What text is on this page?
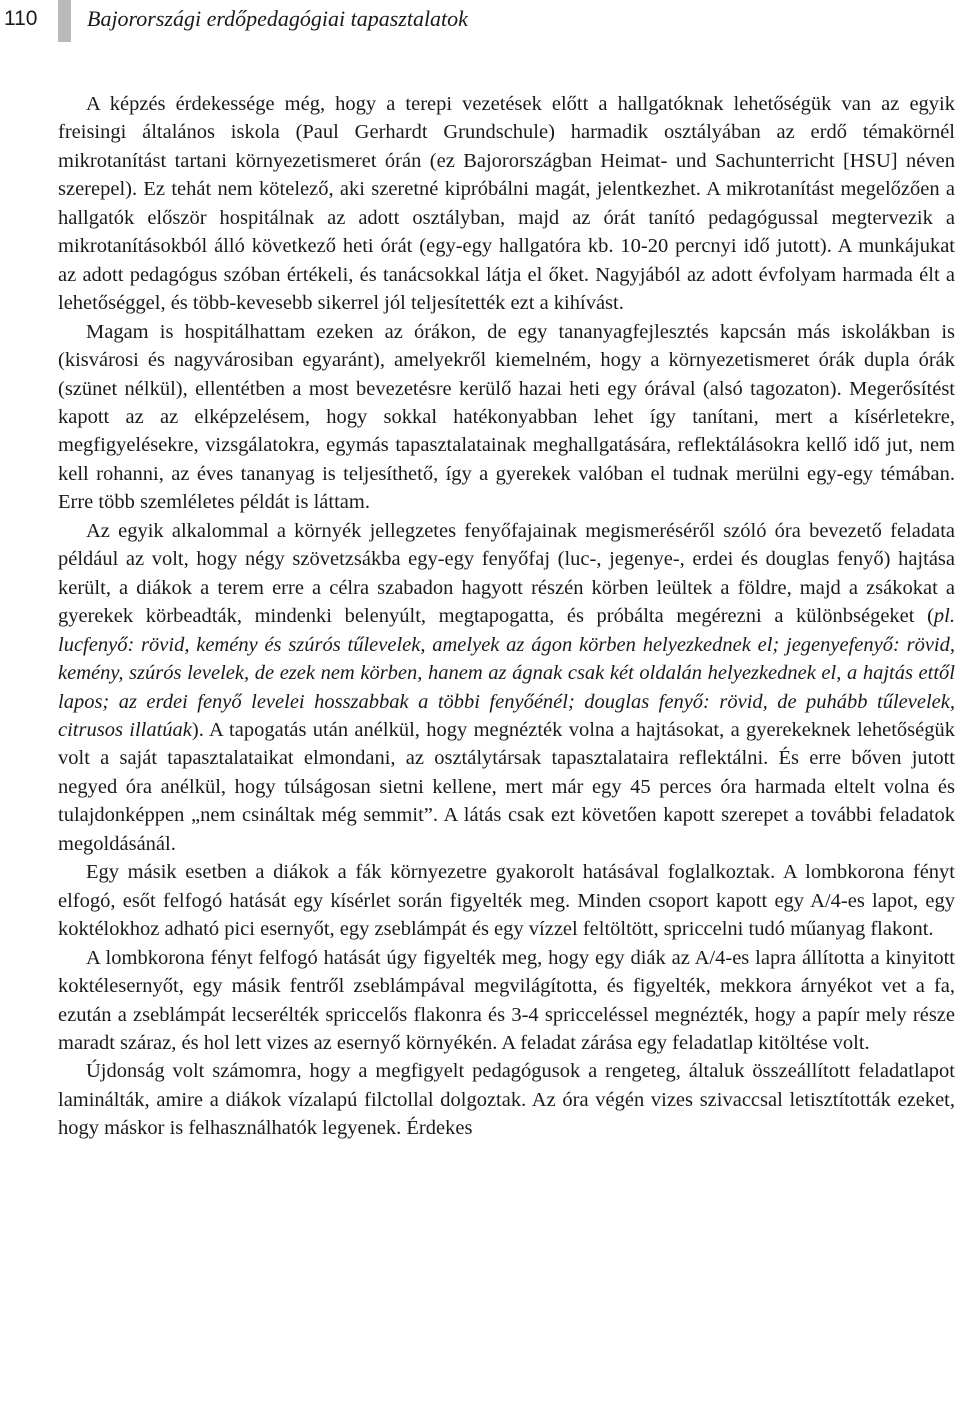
110 Bajorországi erdőpedagógiai tapasztalatok

A képzés érdekessége még, hogy a terepi vezetések előtt a hallgatóknak lehetőségük van az egyik freisingi általános iskola (Paul Gerhardt Grundschule) harmadik osztályában az erdő témakörnél mikrotanítást tartani környezetismeret órán (ez Bajorországban Heimat- und Sachunterricht [HSU] néven szerepel). Ez tehát nem kötelező, aki szeretné kipróbálni magát, jelentkezhet. A mikrotanítást megelőzően a hallgatók először hospitálnak az adott osztályban, majd az órát tanító pedagógussal megtervezik a mikrotanításokból álló következő heti órát (egy-egy hallgatóra kb. 10-20 percnyi idő jutott). A munkájukat az adott pedagógus szóban értékeli, és tanácsokkal látja el őket. Nagyjából az adott évfolyam harmada élt a lehetőséggel, és több-kevesebb sikerrel jól teljesítették ezt a kihívást.

Magam is hospitálhattam ezeken az órákon, de egy tananyagfejlesztés kapcsán más iskolákban is (kisvárosi és nagyvárosiban egyaránt), amelyekről kiemelném, hogy a környezetismeret órák dupla órák (szünet nélkül), ellentétben a most bevezetésre kerülő hazai heti egy órával (alsó tagozaton). Megerősítést kapott az az elképzelésem, hogy sokkal hatékonyabban lehet így tanítani, mert a kísérletekre, megfigyelésekre, vizsgálatokra, egymás tapasztalatainak meghallgatására, reflektálásokra kellő idő jut, nem kell rohanni, az éves tananyag is teljesíthető, így a gyerekek valóban el tudnak merülni egy-egy témában. Erre több szemléletes példát is láttam.

Az egyik alkalommal a környék jellegzetes fenyőfajainak megismeréséről szóló óra bevezető feladata például az volt, hogy négy szövetzsákba egy-egy fenyőfaj (luc-, jegenye-, erdei és douglas fenyő) hajtása került, a diákok a terem erre a célra szabadon hagyott részén körben leültek a földre, majd a zsákokat a gyerekek körbeadták, mindenki belenyúlt, megtapogatta, és próbálta megérezni a különbségeket (pl. lucfenyő: rövid, kemény és szúrós tűlevelek, amelyek az ágon körben helyezkednek el; jegenyefenyő: rövid, kemény, szúrós levelek, de ezek nem körben, hanem az ágnak csak két oldalán helyezkednek el, a hajtás ettől lapos; az erdei fenyő levelei hosszabbak a többi fenyőénél; douglas fenyő: rövid, de puhább tűlevelek, citrusos illatúak). A tapogatás után anélkül, hogy megnézték volna a hajtásokat, a gyerekeknek lehetőségük volt a saját tapasztalataikat elmondani, az osztálytársak tapasztalataira reflektálni. És erre bőven jutott negyed óra anélkül, hogy túlságosan sietni kellene, mert már egy 45 perces óra harmada eltelt volna és tulajdonképpen „nem csináltak még semmit”. A látás csak ezt követően kapott szerepet a további feladatok megoldásánál.

Egy másik esetben a diákok a fák környezetre gyakorolt hatásával foglalkoztak. A lombkorona fényt elfogó, esőt felfogó hatását egy kísérlet során figyelték meg. Minden csoport kapott egy A/4-es lapot, egy koktélokhoz adható pici esernyőt, egy zseblámpát és egy vízzel feltöltött, spriccelni tudó műanyag flakont.

A lombkorona fényt felfogó hatását úgy figyelték meg, hogy egy diák az A/4-es lapra állította a kinyitott koktélesernyőt, egy másik fentről zseblámpával megvilágította, és figyelték, mekkora árnyékot vet a fa, ezután a zseblámpát lecserélték spriccelős flakonra és 3-4 spricceléssel megnézték, hogy a papír mely része maradt száraz, és hol lett vizes az esernyő környékén. A feladat zárása egy feladatlap kitöltése volt.

Újdonság volt számomra, hogy a megfigyelt pedagógusok a rengeteg, általuk összeállított feladatlapot laminálták, amire a diákok vízalapú filctollal dolgoztak. Az óra végén vizes szivaccsal letisztították ezeket, hogy máskor is felhasználhatók legyenek. Érdekes
